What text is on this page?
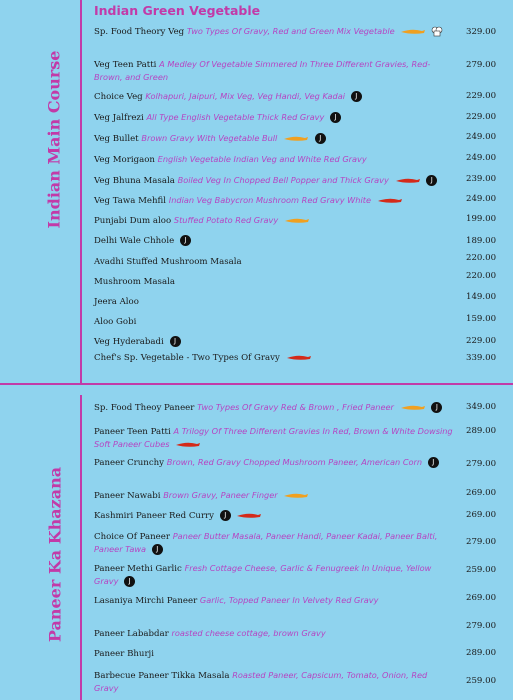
Indian Main Course
Paneer Ka Khazana
Indian Green Vegetable
Sp. Food Theory Veg Two Types Of Gravy, Red and Green Mix Vegetable
	329.00
Veg Teen Patti A Medley Of Vegetable Simmered In Three Different Gravies, Red-Brown, and Green
279.00
Choice Veg Kolhapuri, Jaipuri, Mix Veg, Veg Handi, Veg Kadai J	229.00
Veg Jalfrezi All Type English Vegetable Thick Red Gravy J	229.00
Veg Bullet Brown Gravy With Vegetable Bull	J	249.00
Veg Morigaon English Vegetable Indian Veg and White Red Gravy	249.00
Veg Bhuna Masala Boiled Veg In Chopped Bell Popper and Thick Gravy	J	239.00
Veg Tawa Mehfil Indian Veg Babycron Mushroom Red Gravy White	249.00
Punjabi Dum aloo Stuffed Potato Red Gravy	199.00
Delhi Wale Chhole J	189.00
Avadhi Stuffed Mushroom Masala	220.00
Mushroom Masala
220.00
Jeera Aloo	149.00
Aloo Gobi	159.00
Veg Hyderabadi J	229.00
Chef's Sp. Vegetable - Two Types Of Gravy	339.00
Sp. Food Theoy Paneer Two Types Of Gravy Red & Brown , Fried Paneer	J	349.00
Paneer Teen Patti A Trilogy Of Three Different Gravies In Red, Brown & White Dowsing Soft Paneer Cubes
289.00
Paneer Crunchy Brown, Red Gravy Chopped Mushroom Paneer, American Corn J	279.00
Paneer Nawabi Brown Gravy, Paneer Finger	269.00
Kashmiri Paneer Red Curry J	269.00
Choice Of Paneer Paneer Butter Masala, Paneer Handi, Paneer Kadai, Paneer Balti, Paneer Tawa J
279.00
Paneer Methi Garlic Fresh Cottage Cheese, Garlic & Fenugreek In Unique, Yellow Gravy J
259.00
Lasaniya Mirchi Paneer Garlic, Topped Paneer In Velvety Red Gravy	269.00
Paneer Lababdar roasted cheese cottage, brown Gravy
279.00
Paneer Bhurji	289.00
Barbecue Paneer Tikka Masala Roasted Paneer, Capsicum, Tomato, Onion, Red Gravy
259.00
